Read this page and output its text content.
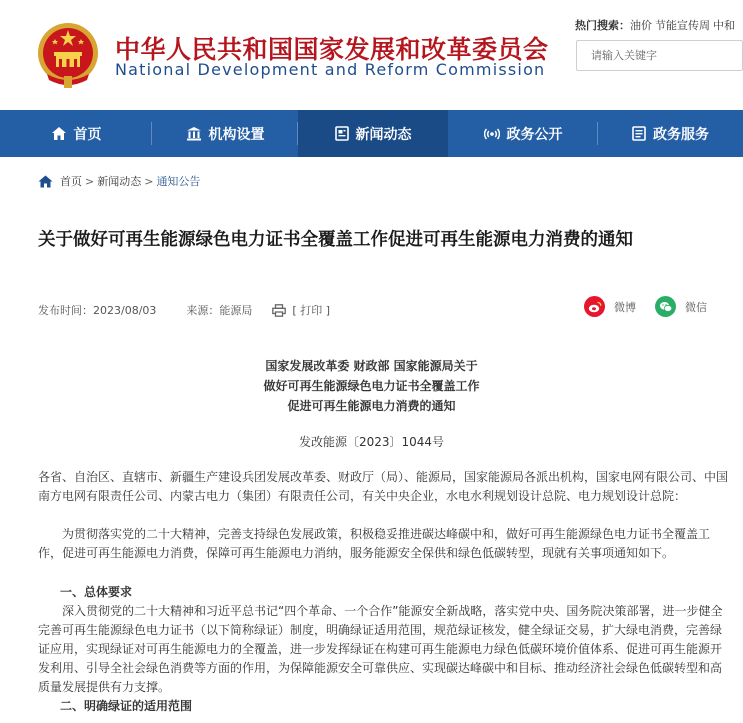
中华人民共和国国家发展和改革委员会
National Development and Reform Commission
热门搜索：油价 节能宣传周 中和
请输入关键字
首页	机构设置	新闻动态	政务公开	政务服务
首页 > 新闻动态 > 通知公告
关于做好可再生能源绿色电力证书全覆盖工作促进可再生能源电力消费的通知
发布时间： 2023/08/03	来源： 能源局	[ 打印 ]	微博	微信
国家发展改革委 财政部 国家能源局关于
做好可再生能源绿色电力证书全覆盖工作
促进可再生能源电力消费的通知
发改能源〔2023〕1044号

各省、自治区、直辖市、新疆生产建设兵团发展改革委、财政厅（局）、能源局，国家能源局各派出机构，国家电网有限公司、中国南方电网有限责任公司、内蒙古电力（集团）有限责任公司，有关中央企业，水电水利规划设计总院、电力规划设计总院：

为贯彻落实党的二十大精神，完善支持绿色发展政策，积极稳妥推进碳达峰碳中和，做好可再生能源绿色电力证书全覆盖工作，促进可再生能源电力消费，保障可再生能源电力消纳，服务能源安全保供和绿色低碳转型，现就有关事项通知如下。

一、总体要求

深入贯彻党的二十大精神和习近平总书记“四个革命、一个合作”能源安全新战略，落实党中央、国务院决策部署，进一步健全完善可再生能源绿色电力证书（以下简称绿证）制度，明确绿证适用范围，规范绿证核发，健全绿证交易，扩大绿电消费，完善绿证应用，实现绿证对可再生能源电力的全覆盖，进一步发挥绿证在构建可再生能源电力绿色低碳环境价值体系、促进可再生能源开发利用、引导全社会绿色消费等方面的作用，为保障能源安全可靠供应、实现碳达峰碳中和目标、推动经济社会绿色低碳转型和高质量发展提供有力支撑。

二、明确绿证的适用范围
